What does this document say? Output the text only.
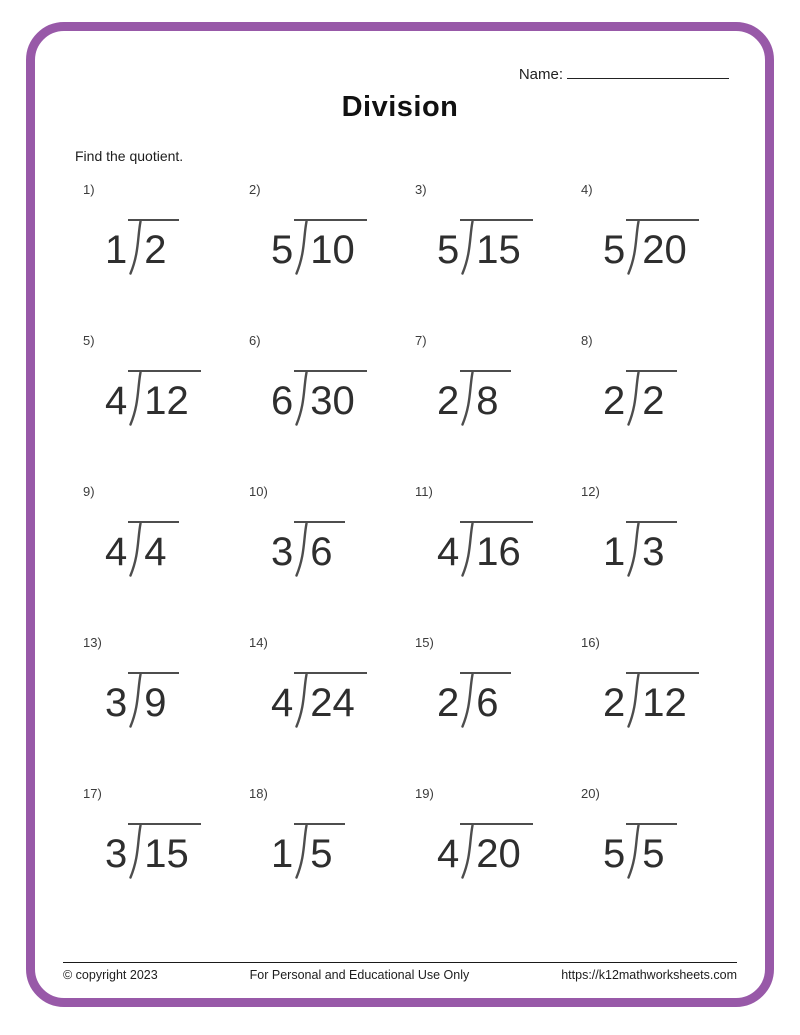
Name:
Division
Find the quotient.
1)
1 2
2)
5 10
3)
5 15
4)
5 20
5)
4 12
6)
6 30
7)
2 8
8)
2 2
9)
4 4
10)
3 6
11)
4 16
12)
1 3
13)
3 9
14)
4 24
15)
2 6
16)
2 12
17)
3 15
18)
1 5
19)
4 20
20)
5 5
© copyright 2023	For Personal and Educational Use Only	https://k12mathworksheets.com
